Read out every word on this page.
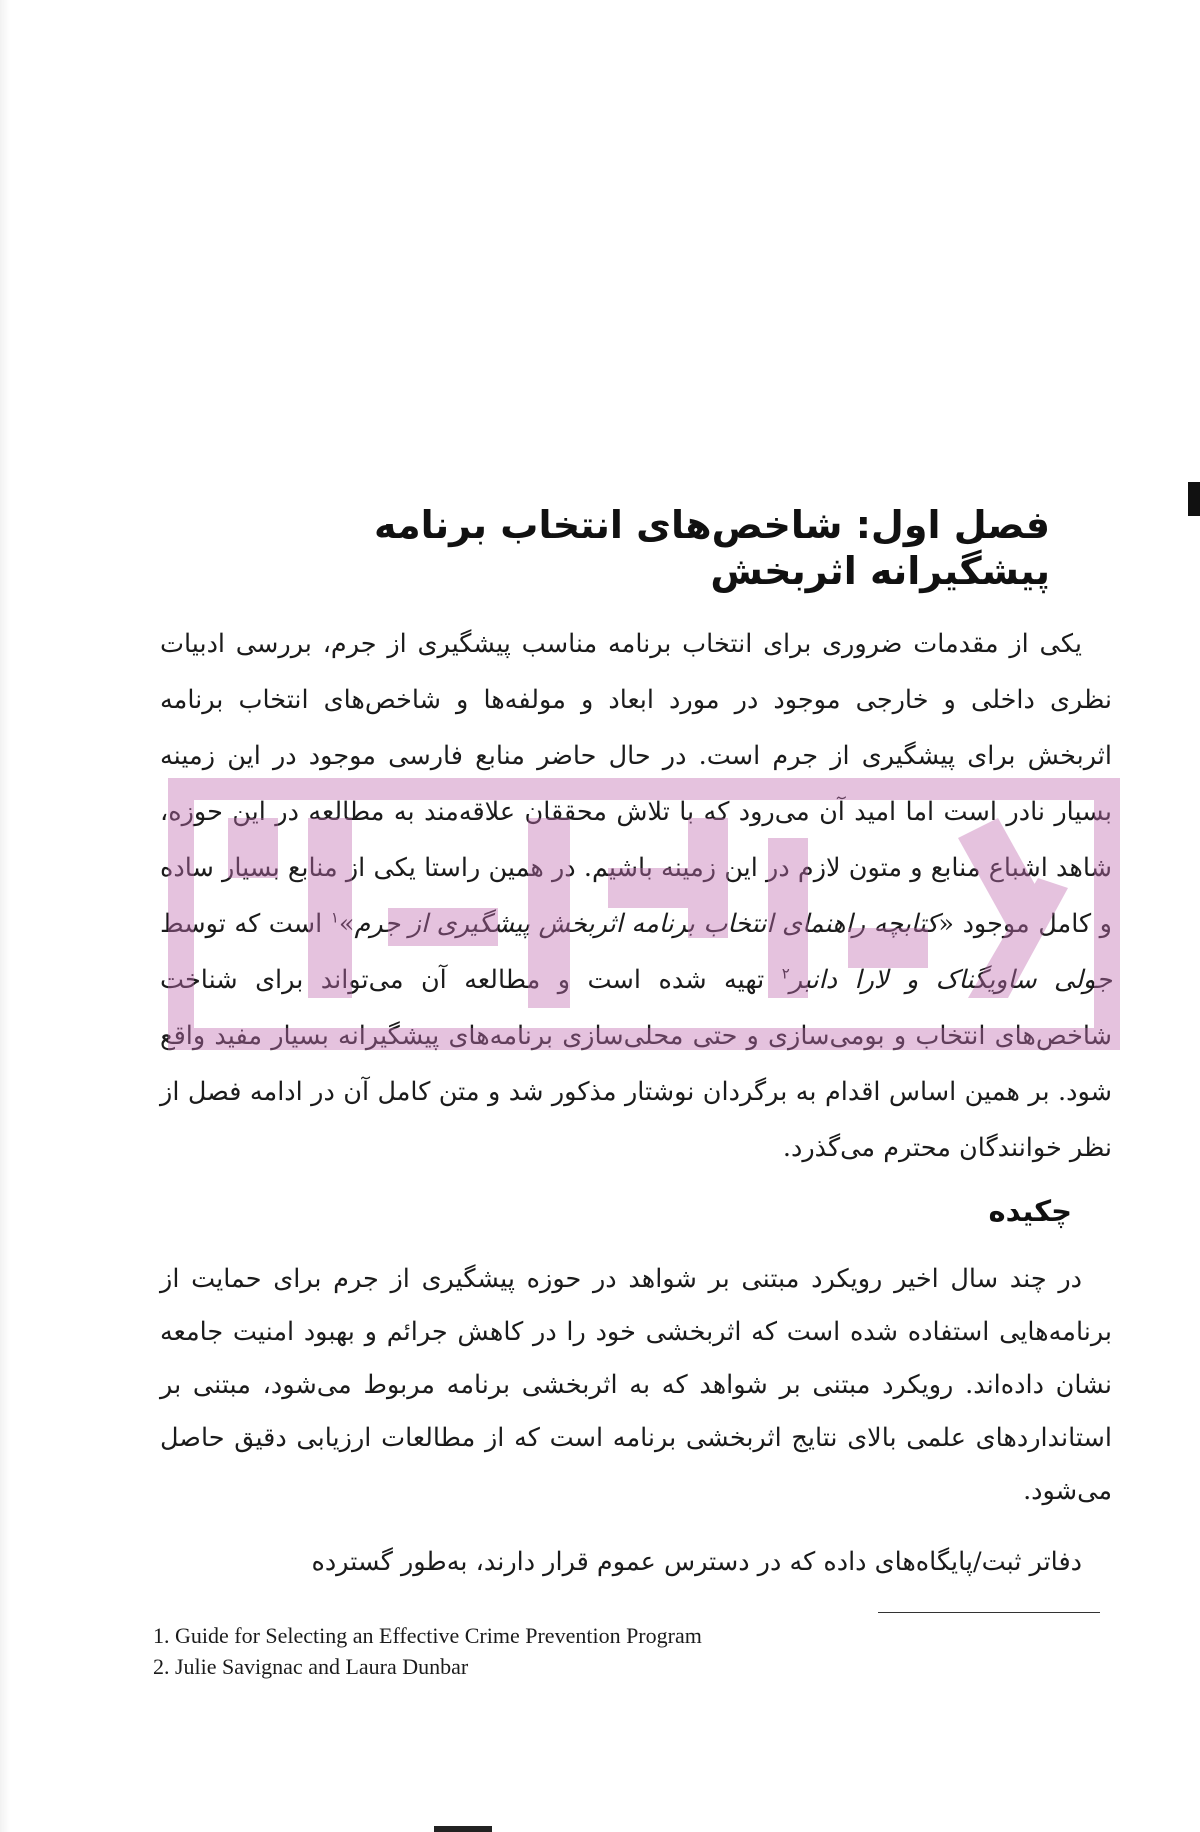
فصل اول: شاخص‌های انتخاب برنامه پیشگیرانه اثربخش

یکی از مقدمات ضروری برای انتخاب برنامه مناسب پیشگیری از جرم، بررسی ادبیات نظری داخلی و خارجی موجود در مورد ابعاد و مولفه‌ها و شاخص‌های انتخاب برنامه اثربخش برای پیشگیری از جرم است. در حال حاضر منابع فارسی موجود در این زمینه بسیار نادر است اما امید آن می‌رود که با تلاش محققان علاقه‌مند به مطالعه در این حوزه، شاهد اشباع منابع و متون لازم در این زمینه باشیم. در همین راستا یکی از منابع بسیار ساده و کامل موجود «کتابچه راهنمای انتخاب برنامه اثربخش پیشگیری از جرم»$^۱$ است که توسط جولی ساویگناک و لارا دانبر$^۲$ تهیه شده است و مطالعه آن می‌تواند برای شناخت شاخص‌های انتخاب و بومی‌سازی و حتی محلی‌سازی برنامه‌های پیشگیرانه بسیار مفید واقع شود. بر همین اساس اقدام به برگردان نوشتار مذکور شد و متن کامل آن در ادامه فصل از نظر خوانندگان محترم می‌گذرد.

چکیده

در چند سال اخیر رویکرد مبتنی بر شواهد در حوزه پیشگیری از جرم برای حمایت از برنامه‌هایی استفاده شده است که اثربخشی خود را در کاهش جرائم و بهبود امنیت جامعه نشان داده‌اند. رویکرد مبتنی بر شواهد که به اثربخشی برنامه مربوط می‌شود، مبتنی بر استانداردهای علمی بالای نتایج اثربخشی برنامه است که از مطالعات ارزیابی دقیق حاصل می‌شود.

دفاتر ثبت/پایگاه‌های داده که در دسترس عموم قرار دارند، به‌طور گسترده

1. Guide for Selecting an Effective Crime Prevention Program
2. Julie Savignac and Laura Dunbar
